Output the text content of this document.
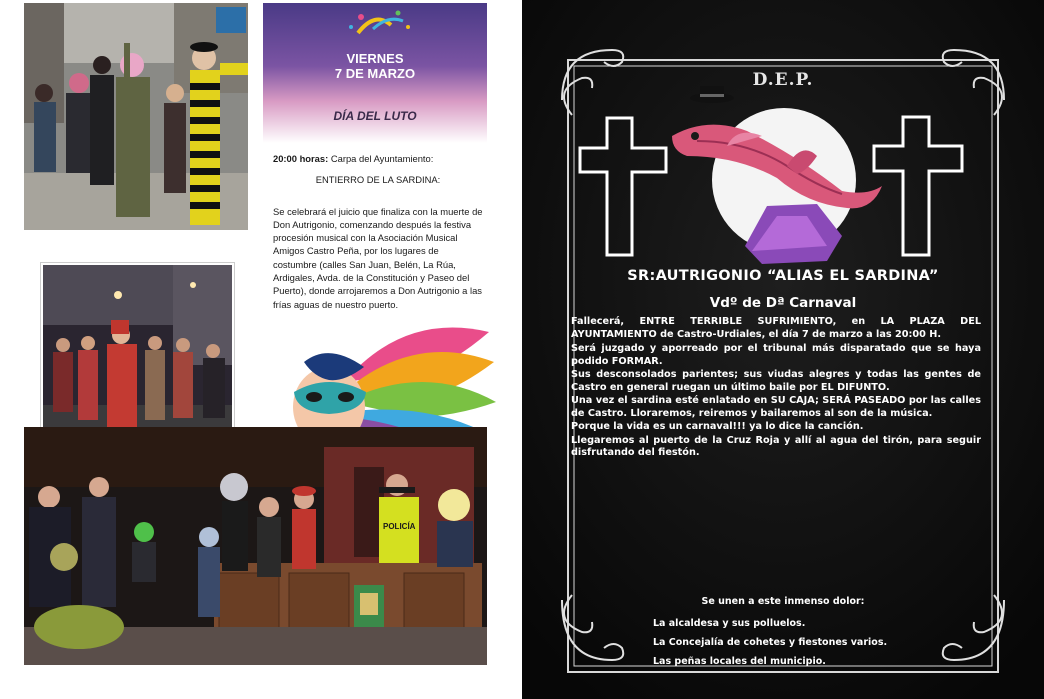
VIERNES
7 DE MARZO
DÍA DEL LUTO

20:00 horas: Carpa del Ayuntamiento:

ENTIERRO DE LA SARDINA:

Se celebrará el juicio que finaliza con la muerte de Don Autrigonio, comenzando después la festiva procesión musical con la Asociación Musical Amigos Castro Peña, por los lugares de costumbre (calles San Juan, Belén, La Rúa, Ardigales, Avda. de la Constitución y Paseo del Puerto), donde arrojaremos a Don Autrigonio a las frías aguas de nuestro puerto.

POLICÍA
D.E.P.
SR:AUTRIGONIO “ALIAS EL SARDINA”
Vdº de Dª Carnaval

Fallecerá, ENTRE TERRIBLE SUFRIMIENTO, en LA PLAZA DEL AYUNTAMIENTO de Castro-Urdiales, el día 7 de marzo a las 20:00 H.

Será juzgado y aporreado por el tribunal más disparatado que se haya podido FORMAR.

Sus desconsolados parientes; sus viudas alegres y todas las gentes de Castro en general ruegan un último baile por EL DIFUNTO.

Una vez el sardina esté enlatado en SU CAJA; SERÁ PASEADO por las calles de Castro. Lloraremos, reiremos y bailaremos al son de la música.

Porque la vida es un carnaval!!! ya lo dice la canción.

Llegaremos al puerto de la Cruz Roja y allí al agua del tirón, para seguir disfrutando del fiestón.

Se unen a este inmenso dolor:
La alcaldesa y sus polluelos.
La Concejalía de cohetes y fiestones varios.
Las peñas locales del municipio.
